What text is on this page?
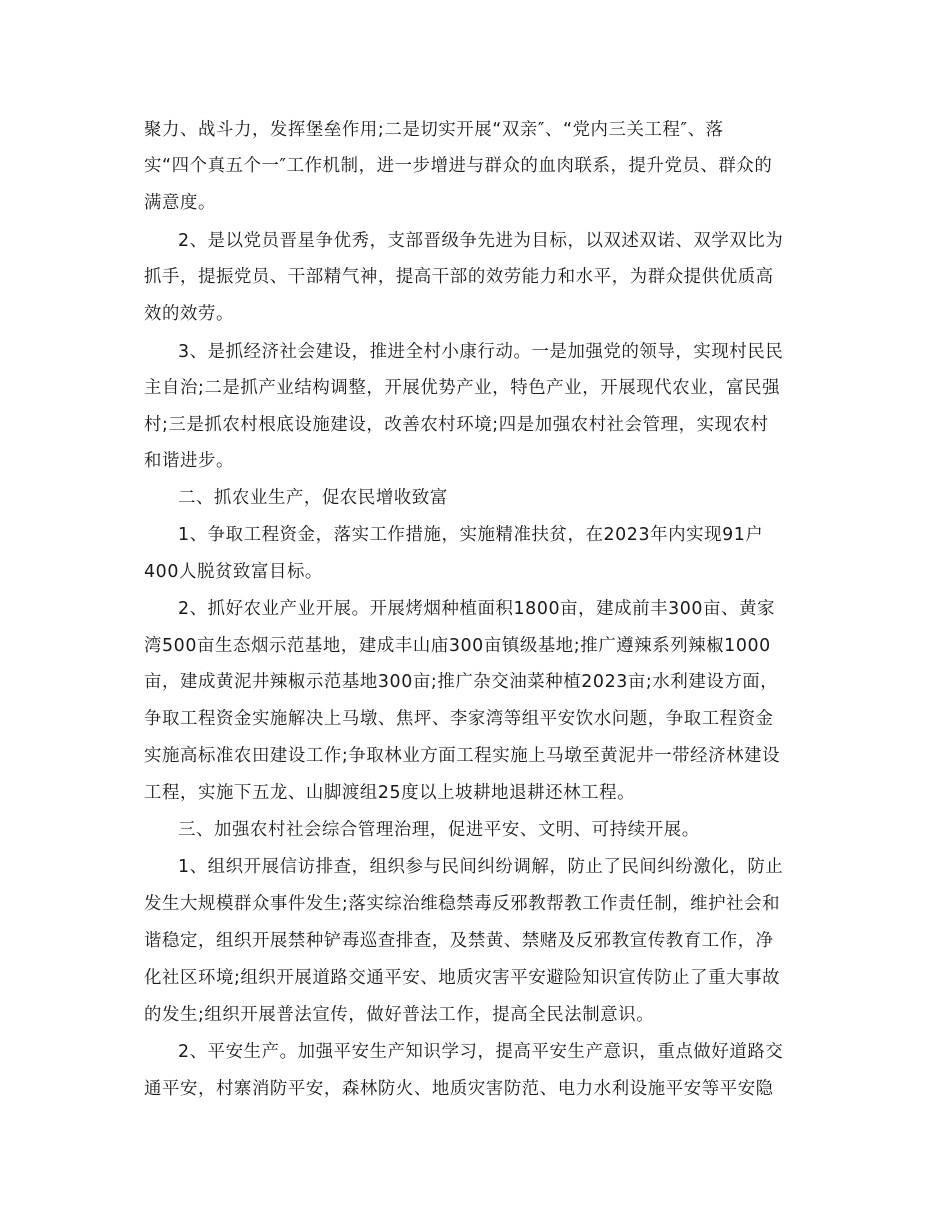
聚力、战斗力，发挥堡垒作用;二是切实开展“双亲″、“党内三关工程″、落
实“四个真五个一″工作机制，进一步增进与群众的血肉联系，提升党员、群众的
满意度。
2、是以党员晋星争优秀，支部晋级争先进为目标，以双述双诺、双学双比为
抓手，提振党员、干部精气神，提高干部的效劳能力和水平，为群众提供优质高
效的效劳。
3、是抓经济社会建设，推进全村小康行动。一是加强党的领导，实现村民民
主自治;二是抓产业结构调整，开展优势产业，特色产业，开展现代农业，富民强
村;三是抓农村根底设施建设，改善农村环境;四是加强农村社会管理，实现农村
和谐进步。
二、抓农业生产，促农民增收致富
1、争取工程资金，落实工作措施，实施精准扶贫，在2023年内实现91户
400人脱贫致富目标。
2、抓好农业产业开展。开展烤烟种植面积1800亩，建成前丰300亩、黄家
湾500亩生态烟示范基地，建成丰山庙300亩镇级基地;推广遵辣系列辣椒1000
亩，建成黄泥井辣椒示范基地300亩;推广杂交油菜种植2023亩;水利建设方面，
争取工程资金实施解决上马墩、焦坪、李家湾等组平安饮水问题，争取工程资金
实施高标准农田建设工作;争取林业方面工程实施上马墩至黄泥井一带经济林建设
工程，实施下五龙、山脚渡组25度以上坡耕地退耕还林工程。
三、加强农村社会综合管理治理，促进平安、文明、可持续开展。
1、组织开展信访排查，组织参与民间纠纷调解，防止了民间纠纷激化，防止
发生大规模群众事件发生;落实综治维稳禁毒反邪教帮教工作责任制，维护社会和
谐稳定，组织开展禁种铲毒巡查排查，及禁黄、禁赌及反邪教宣传教育工作，净
化社区环境;组织开展道路交通平安、地质灾害平安避险知识宣传防止了重大事故
的发生;组织开展普法宣传，做好普法工作，提高全民法制意识。
2、平安生产。加强平安生产知识学习，提高平安生产意识，重点做好道路交
通平安，村寨消防平安，森林防火、地质灾害防范、电力水利设施平安等平安隐
